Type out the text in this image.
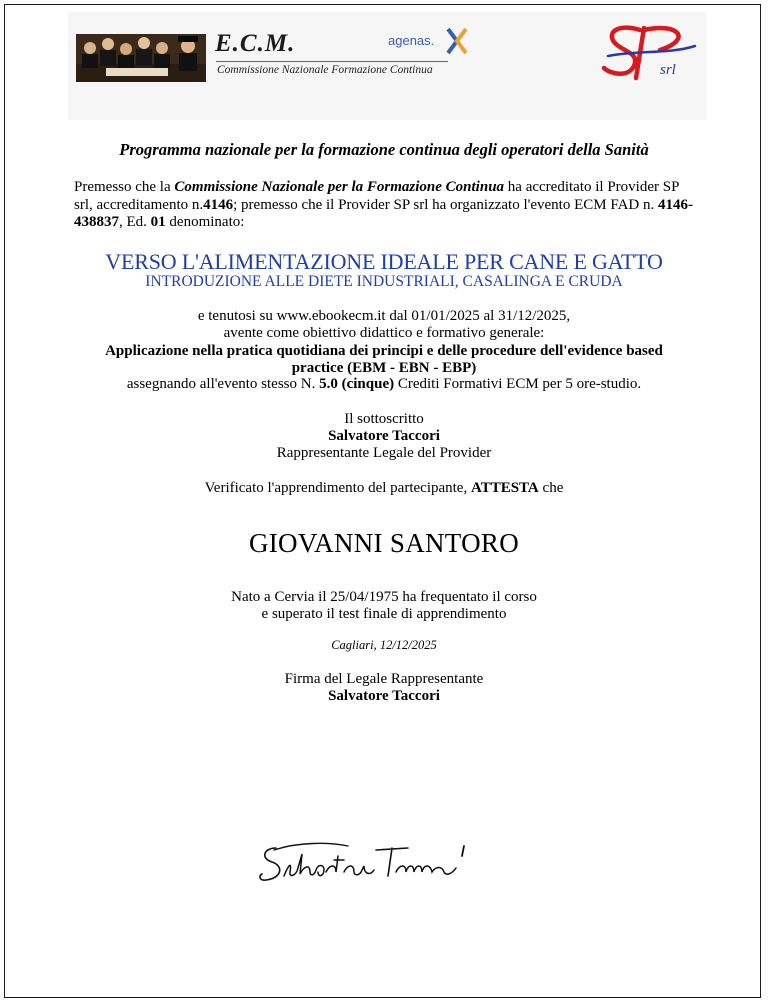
E.C.M.
Commissione Nazionale Formazione Continua
agenas.
srl
Programma nazionale per la formazione continua degli operatori della Sanità
Premesso che la Commissione Nazionale per la Formazione Continua ha accreditato il Provider SP srl, accreditamento n.4146; premesso che il Provider SP srl ha organizzato l'evento ECM FAD n. 4146-438837, Ed. 01 denominato:
VERSO L'ALIMENTAZIONE IDEALE PER CANE E GATTO
INTRODUZIONE ALLE DIETE INDUSTRIALI, CASALINGA E CRUDA
e tenutosi su www.ebookecm.it dal 01/01/2025 al 31/12/2025,
avente come obiettivo didattico e formativo generale:
Applicazione nella pratica quotidiana dei principi e delle procedure dell'evidence based practice (EBM - EBN - EBP)
assegnando all'evento stesso N. 5.0 (cinque) Crediti Formativi ECM per 5 ore-studio.
Il sottoscritto
Salvatore Taccori
Rappresentante Legale del Provider
Verificato l'apprendimento del partecipante, ATTESTA che
GIOVANNI SANTORO
Nato a Cervia il 25/04/1975 ha frequentato il corso
e superato il test finale di apprendimento
Cagliari, 12/12/2025
Firma del Legale Rappresentante
Salvatore Taccori
